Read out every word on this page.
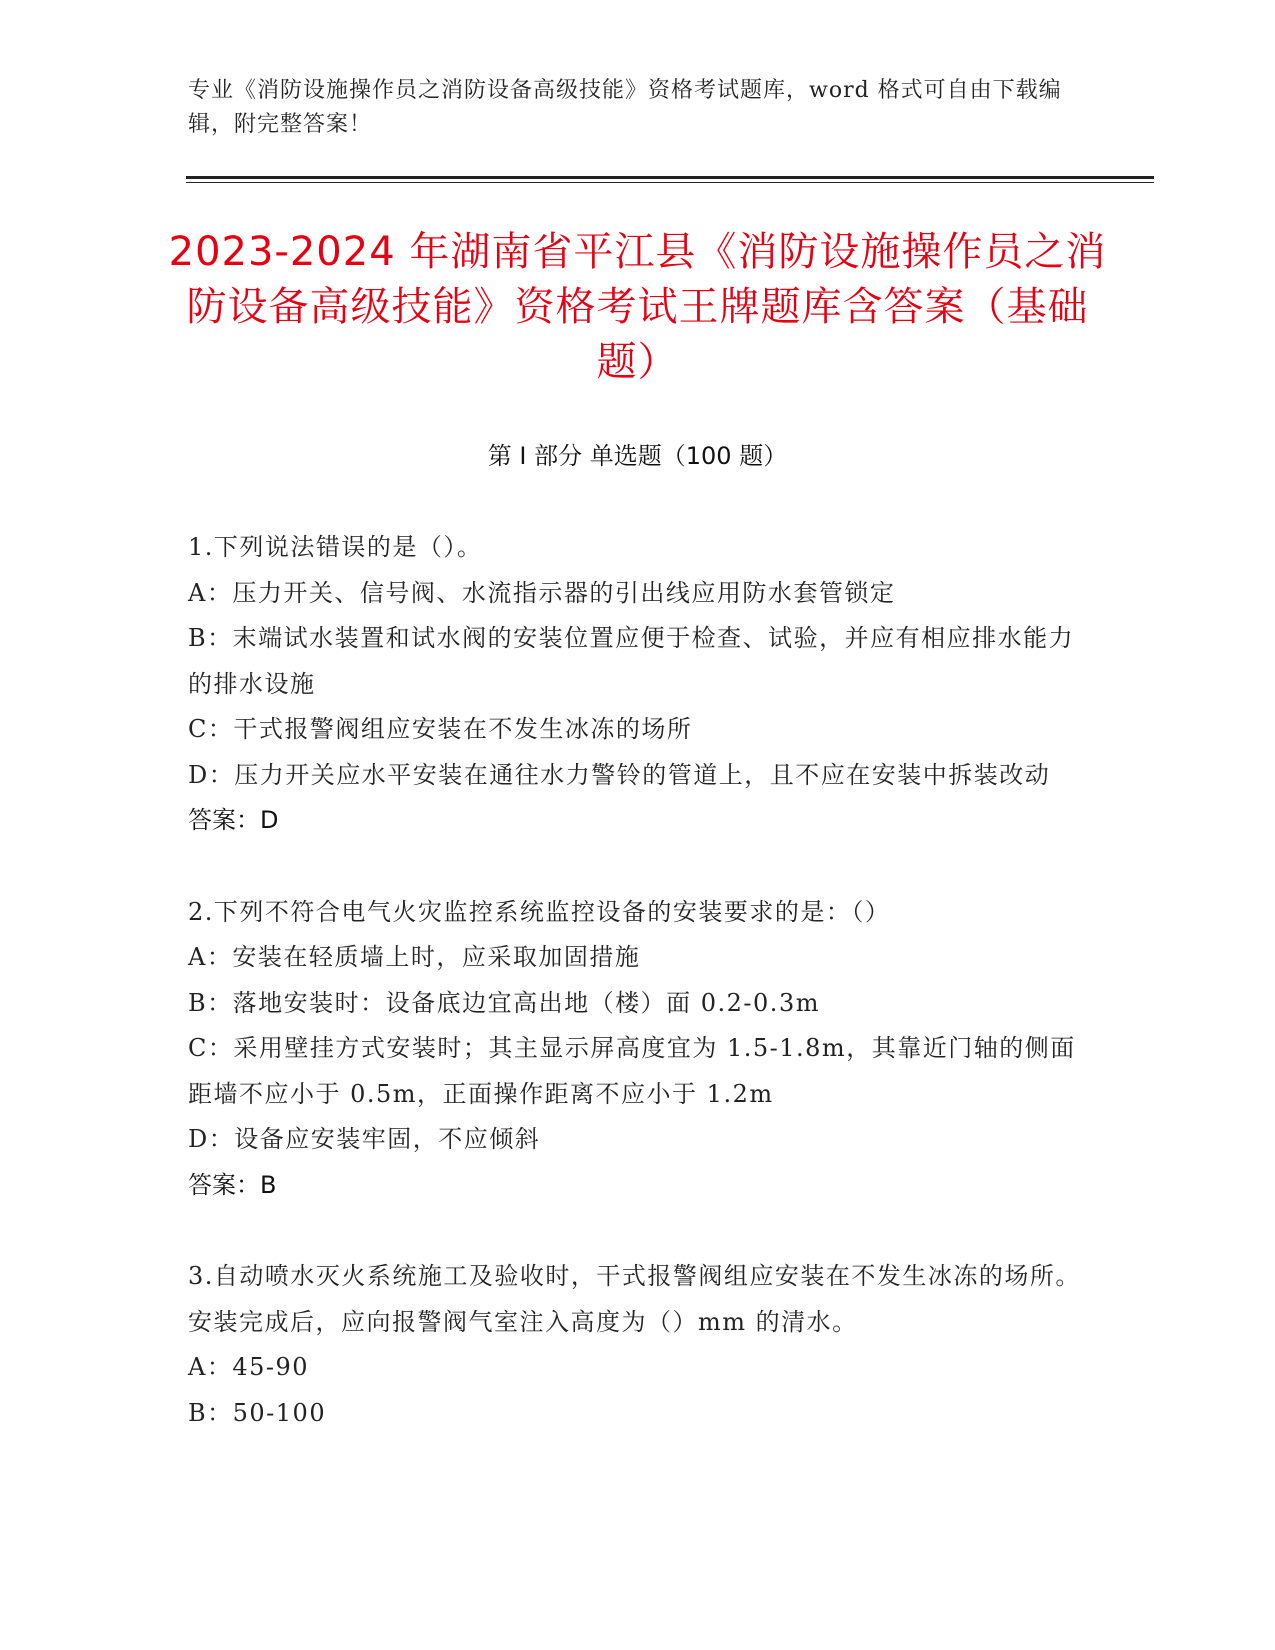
专业《消防设施操作员之消防设备高级技能》资格考试题库，word 格式可自由下载编辑，附完整答案！
2023-2024 年湖南省平江县《消防设施操作员之消防设备高级技能》资格考试王牌题库含答案（基础题）
第 I 部分 单选题（100 题）

1.下列说法错误的是（）。

A：压力开关、信号阀、水流指示器的引出线应用防水套管锁定

B：末端试水装置和试水阀的安装位置应便于检查、试验，并应有相应排水能力的排水设施

C：干式报警阀组应安装在不发生冰冻的场所

D：压力开关应水平安装在通往水力警铃的管道上，且不应在安装中拆装改动

答案：D

2.下列不符合电气火灾监控系统监控设备的安装要求的是：（）

A：安装在轻质墙上时，应采取加固措施

B：落地安装时：设备底边宜高出地（楼）面 0.2-0.3m

C：采用壁挂方式安装时；其主显示屏高度宜为 1.5-1.8m，其靠近门轴的侧面距墙不应小于 0.5m，正面操作距离不应小于 1.2m

D：设备应安装牢固，不应倾斜

答案：B

3.自动喷水灭火系统施工及验收时，干式报警阀组应安装在不发生冰冻的场所。安装完成后，应向报警阀气室注入高度为（）mm 的清水。

A：45-90

B：50-100
